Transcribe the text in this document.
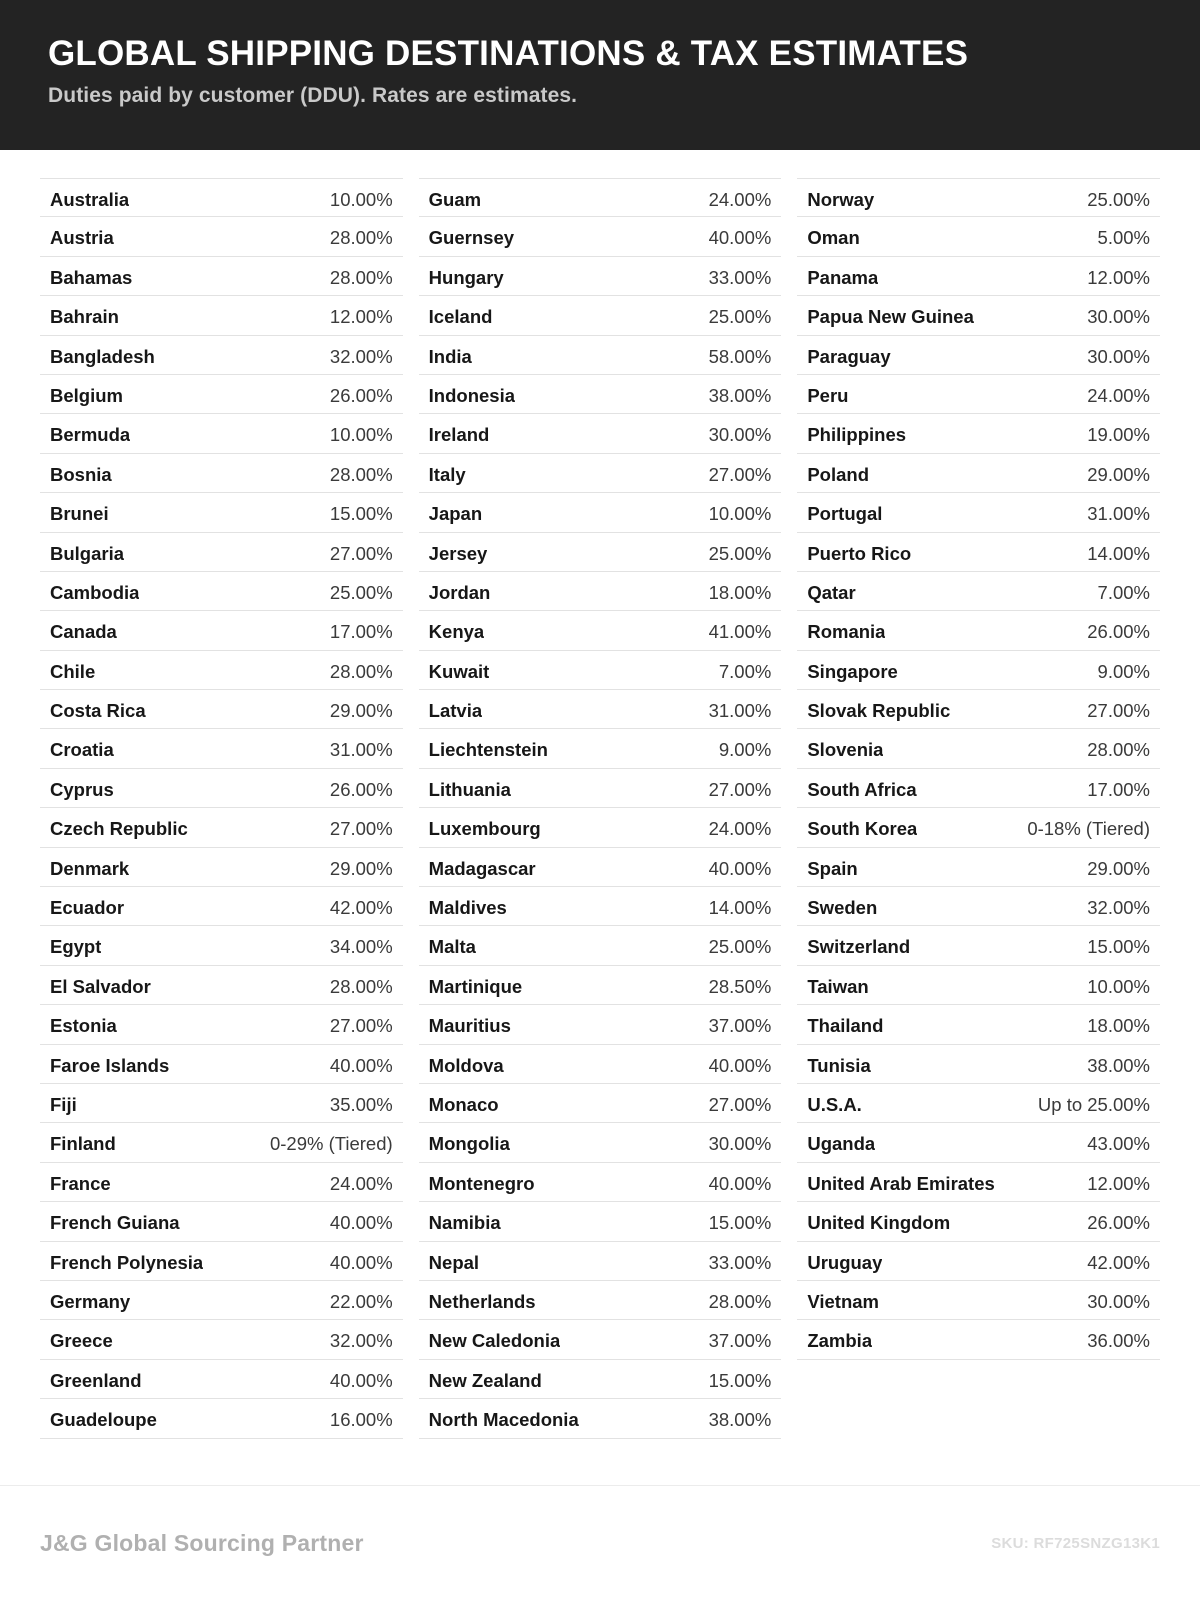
GLOBAL SHIPPING DESTINATIONS & TAX ESTIMATES

Duties paid by customer (DDU). Rates are estimates.

Australia	10.00%
Austria	28.00%
Bahamas	28.00%
Bahrain	12.00%
Bangladesh	32.00%
Belgium	26.00%
Bermuda	10.00%
Bosnia	28.00%
Brunei	15.00%
Bulgaria	27.00%
Cambodia	25.00%
Canada	17.00%
Chile	28.00%
Costa Rica	29.00%
Croatia	31.00%
Cyprus	26.00%
Czech Republic	27.00%
Denmark	29.00%
Ecuador	42.00%
Egypt	34.00%
El Salvador	28.00%
Estonia	27.00%
Faroe Islands	40.00%
Fiji	35.00%
Finland	0-29% (Tiered)
France	24.00%
French Guiana	40.00%
French Polynesia	40.00%
Germany	22.00%
Greece	32.00%
Greenland	40.00%
Guadeloupe	16.00%
Guam	24.00%
Guernsey	40.00%
Hungary	33.00%
Iceland	25.00%
India	58.00%
Indonesia	38.00%
Ireland	30.00%
Italy	27.00%
Japan	10.00%
Jersey	25.00%
Jordan	18.00%
Kenya	41.00%
Kuwait	7.00%
Latvia	31.00%
Liechtenstein	9.00%
Lithuania	27.00%
Luxembourg	24.00%
Madagascar	40.00%
Maldives	14.00%
Malta	25.00%
Martinique	28.50%
Mauritius	37.00%
Moldova	40.00%
Monaco	27.00%
Mongolia	30.00%
Montenegro	40.00%
Namibia	15.00%
Nepal	33.00%
Netherlands	28.00%
New Caledonia	37.00%
New Zealand	15.00%
North Macedonia	38.00%
Norway	25.00%
Oman	5.00%
Panama	12.00%
Papua New Guinea	30.00%
Paraguay	30.00%
Peru	24.00%
Philippines	19.00%
Poland	29.00%
Portugal	31.00%
Puerto Rico	14.00%
Qatar	7.00%
Romania	26.00%
Singapore	9.00%
Slovak Republic	27.00%
Slovenia	28.00%
South Africa	17.00%
South Korea	0-18% (Tiered)
Spain	29.00%
Sweden	32.00%
Switzerland	15.00%
Taiwan	10.00%
Thailand	18.00%
Tunisia	38.00%
U.S.A.	Up to 25.00%
Uganda	43.00%
United Arab Emirates	12.00%
United Kingdom	26.00%
Uruguay	42.00%
Vietnam	30.00%
Zambia	36.00%
J&G Global Sourcing Partner	SKU: RF725SNZG13K1
